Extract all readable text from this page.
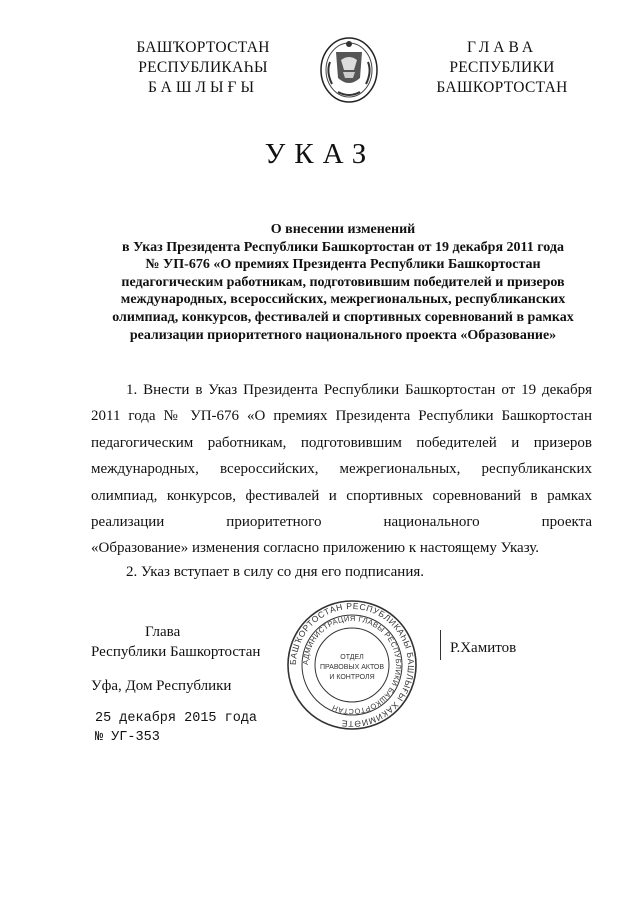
БАШҠОРТОСТАН
РЕСПУБЛИКАҺЫ
БАШЛЫҒЫ
ГЛАВА
РЕСПУБЛИКИ
БАШКОРТОСТАН
УКАЗ
О внесении изменений
в Указ Президента Республики Башкортостан от 19 декабря 2011 года
№ УП-676 «О премиях Президента Республики Башкортостан
педагогическим работникам, подготовившим победителей и призеров
международных, всероссийских, межрегиональных, республиканских
олимпиад, конкурсов, фестивалей и спортивных соревнований в рамках
реализации приоритетного национального проекта «Образование»
1. Внести в Указ Президента Республики Башкортостан от 19 декабря 2011 года № УП-676 «О премиях Президента Республики Башкортостан педагогическим работникам, подготовившим победителей и призеров международных, всероссийских, межрегиональных, республиканских олимпиад, конкурсов, фестивалей и спортивных соревнований в рамках реализации приоритетного национального проекта
«Образование» изменения согласно приложению к настоящему Указу.
2. Указ вступает в силу со дня его подписания.
Глава
Республики Башкортостан
БАШҠОРТОСТАН РЕСПУБЛИКАҺЫ БАШЛЫҒЫ ХАКИМИӘТЕ
АДМИНИСТРАЦИЯ ГЛАВЫ РЕСПУБЛИКИ БАШКОРТОСТАН
ОТДЕЛ
ПРАВОВЫХ АКТОВ
И КОНТРОЛЯ
Р.Хамитов
Уфа, Дом Республики
25 декабря 2015 года
№ УГ-353
